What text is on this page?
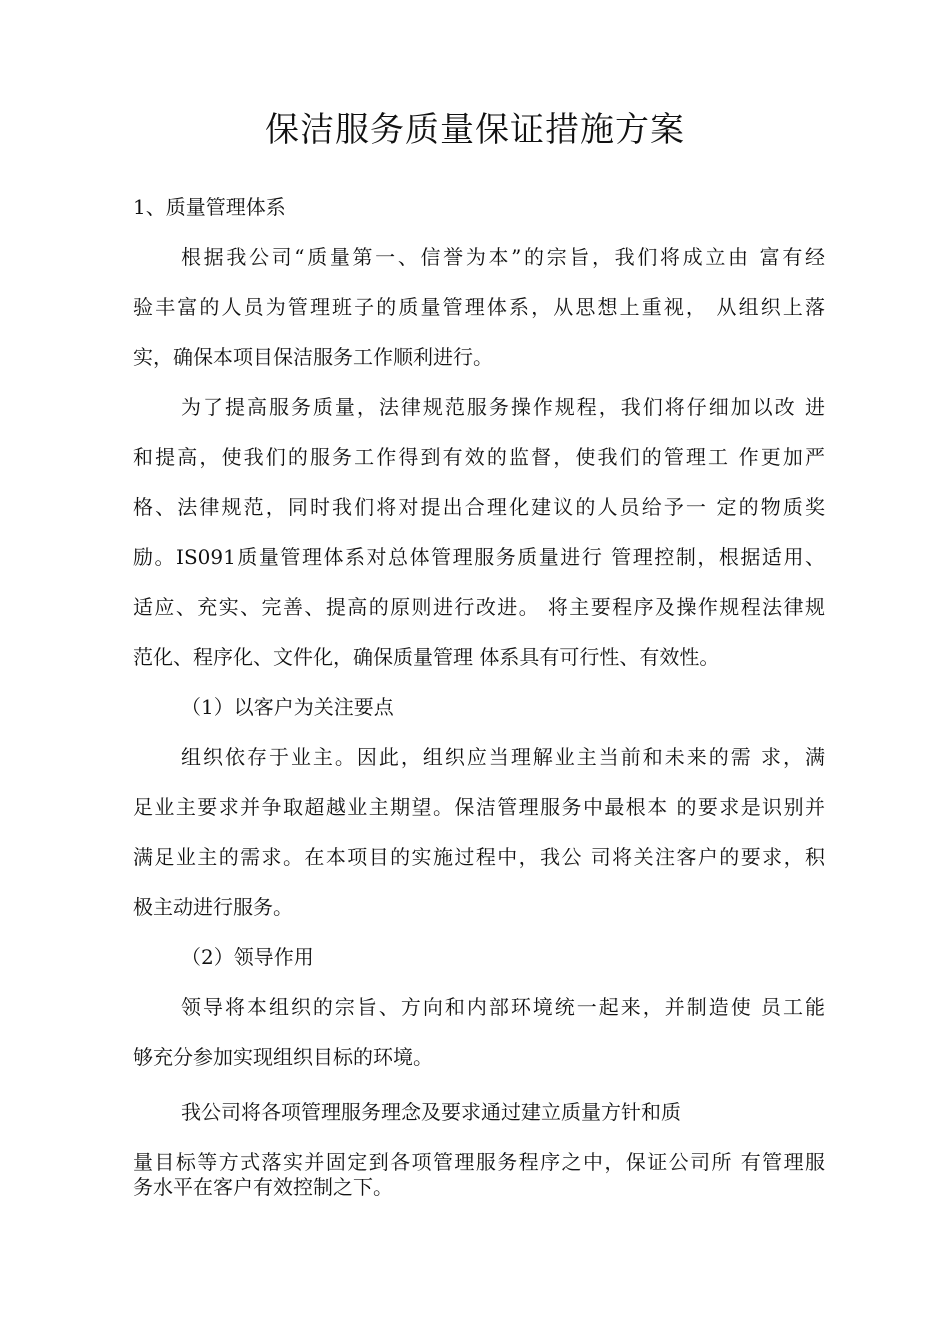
保洁服务质量保证措施方案

1、质量管理体系

根据我公司“质量第一、信誉为本”的宗旨，我们将成立由 富有经

验丰富的人员为管理班子的质量管理体系，从思想上重视， 从组织上落

实，确保本项目保洁服务工作顺利进行。

为了提高服务质量，法律规范服务操作规程，我们将仔细加以改 进

和提高，使我们的服务工作得到有效的监督，使我们的管理工 作更加严

格、法律规范，同时我们将对提出合理化建议的人员给予一 定的物质奖

励。IS091质量管理体系对总体管理服务质量进行 管理控制，根据适用、

适应、充实、完善、提高的原则进行改进。 将主要程序及操作规程法律规

范化、程序化、文件化，确保质量管理 体系具有可行性、有效性。

（1）以客户为关注要点

组织依存于业主。因此，组织应当理解业主当前和未来的需 求，满

足业主要求并争取超越业主期望。保洁管理服务中最根本 的要求是识别并

满足业主的需求。在本项目的实施过程中，我公 司将关注客户的要求，积

极主动进行服务。

（2）领导作用

领导将本组织的宗旨、方向和内部环境统一起来，并制造使 员工能

够充分参加实现组织目标的环境。

我公司将各项管理服务理念及要求通过建立质量方针和质

量目标等方式落实并固定到各项管理服务程序之中，保证公司所 有管理服

务水平在客户有效控制之下。
